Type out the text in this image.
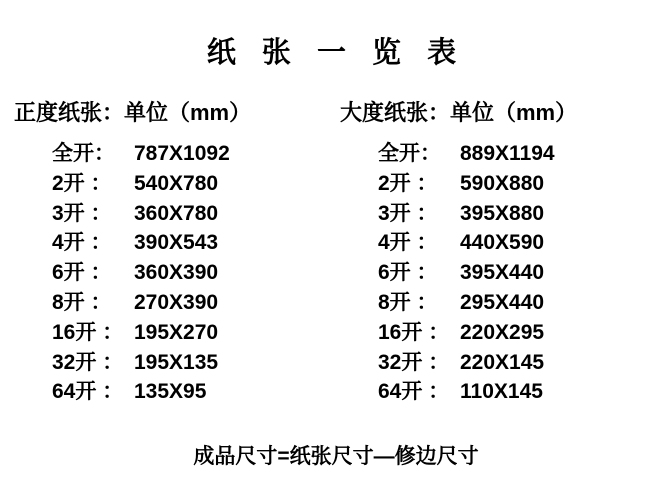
纸 张 一 览 表
正度纸张：单位（mm）
全开： 787X1092
2开 ：	540X780
3开 ：	360X780
4开 ：	390X543
6开 ：	360X390
8开 ：	270X390
16开 ： 195X270
32开 ： 195X135
64开 ： 135X95
大度纸张：单位（mm）
全开： 889X1194
2开 ：	590X880
3开 ：	395X880
4开 ：	440X590
6开 ：	395X440
8开 ：	295X440
16开 ： 220X295
32开 ： 220X145
64开 ： 110X145
成品尺寸=纸张尺寸—修边尺寸
